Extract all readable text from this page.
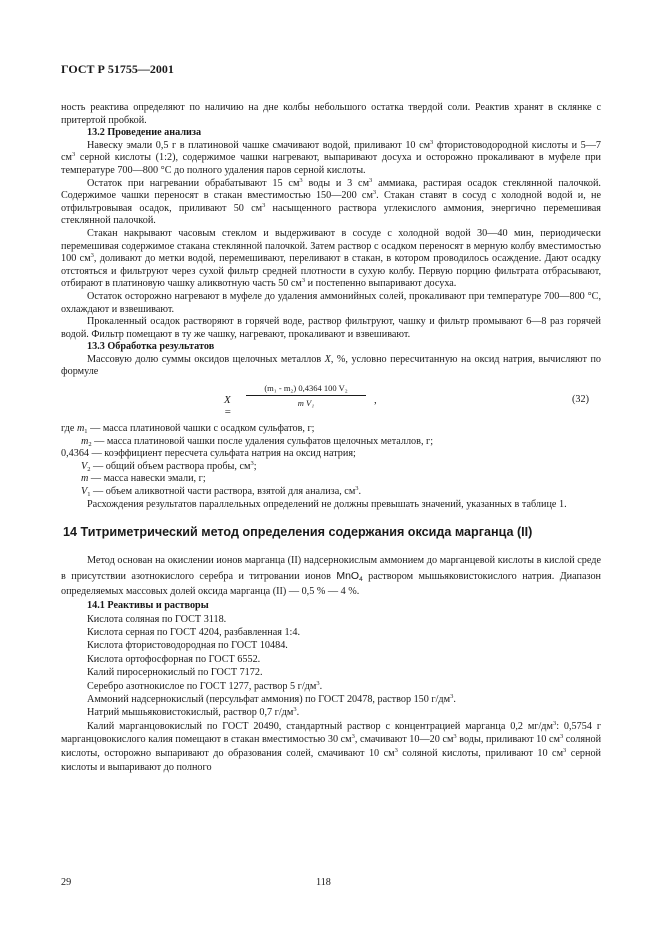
ГОСТ Р 51755—2001

ность реактива определяют по наличию на дне колбы небольшого остатка твердой соли. Реактив хранят в склянке с притертой пробкой.

13.2 Проведение анализа

Навеску эмали 0,5 г в платиновой чашке смачивают водой, приливают 10 $см^3$ фтористоводородной кислоты и 5—7 $см^3$ серной кислоты (1:2), содержимое чашки нагревают, выпаривают досуха и осторожно прокаливают в муфеле при температуре 700—800 °С до полного удаления паров серной кислоты.

Остаток при нагревании обрабатывают 15 $см^3$ воды и 3 $см^3$ аммиака, растирая осадок стеклянной палочкой. Содержимое чашки переносят в стакан вместимостью 150—200 $см^3$. Стакан ставят в сосуд с холодной водой и, не отфильтровывая осадок, приливают 50 $см^3$ насыщенного раствора углекислого аммония, энергично перемешивая стеклянной палочкой.

Стакан накрывают часовым стеклом и выдерживают в сосуде с холодной водой 30—40 мин, периодически перемешивая содержимое стакана стеклянной палочкой. Затем раствор с осадком переносят в мерную колбу вместимостью 100 $см^3$, доливают до метки водой, перемешивают, переливают в стакан, в котором проводилось осаждение. Дают осадку отстояться и фильтруют через сухой фильтр средней плотности в сухую колбу. Первую порцию фильтрата отбрасывают, отбирают в платиновую чашку аликвотную часть 50 $см^3$ и постепенно выпаривают досуха.

Остаток осторожно нагревают в муфеле до удаления аммонийных солей, прокаливают при температуре 700—800 °С, охлаждают и взвешивают.

Прокаленный осадок растворяют в горячей воде, раствор фильтруют, чашку и фильтр промывают 6—8 раз горячей водой. Фильтр помещают в ту же чашку, нагревают, прокаливают и взвешивают.

13.3 Обработка результатов

Массовую долю суммы оксидов щелочных металлов Х, %, условно пересчитанную на оксид натрия, вычисляют по формуле

X =
$\frac{\text{(m₁ - m₂) 0,4364 100 V₂}}{\text{m V₁}}$ ,	(32)

где $m_1$ — масса платиновой чашки с осадком сульфатов, г;

$m_2$ — масса платиновой чашки после удаления сульфатов щелочных металлов, г;

0,4364 — коэффициент пересчета сульфата натрия на оксид натрия;

$V_2$ — общий объем раствора пробы, $см^3$;

m — масса навески эмали, г;

$V_1$ — объем аликвотной части раствора, взятой для анализа, $см^3$.

Расхождения результатов параллельных определений не должны превышать значений, указанных в таблице 1.

14 Титриметрический метод определения содержания оксида марганца (II)

Метод основан на окислении ионов марганца (II) надсернокислым аммонием до марганцевой кислоты в кислой среде в присутствии азотнокислого серебра и титровании ионов MnO$_4$ раствором мышьяковистокислого натрия. Диапазон определяемых массовых долей оксида марганца (II) — 0,5 % — 4 %.

14.1 Реактивы и растворы

Кислота соляная по ГОСТ 3118.

Кислота серная по ГОСТ 4204, разбавленная 1:4.

Кислота фтористоводородная по ГОСТ 10484.

Кислота ортофосфорная по ГОСТ 6552.

Калий пиросернокислый по ГОСТ 7172.

Серебро азотнокислое по ГОСТ 1277, раствор 5 $г/дм^3$.

Аммоний надсернокислый (персульфат аммония) по ГОСТ 20478, раствор 150 $г/дм^3$.

Натрий мышьяковистокислый, раствор 0,7 $г/дм^3$.

Калий марганцовокислый по ГОСТ 20490, стандартный раствор с концентрацией марганца 0,2 $мг/дм^3$: 0,5754 г марганцовокислого калия помещают в стакан вместимостью 30 $см^3$, смачивают 10—20 $см^3$ воды, приливают 10 $см^3$ соляной кислоты, осторожно выпаривают до образования солей, смачивают 10 $см^3$ соляной кислоты, приливают 10 $см^3$ серной кислоты и выпаривают до полного

29	118
